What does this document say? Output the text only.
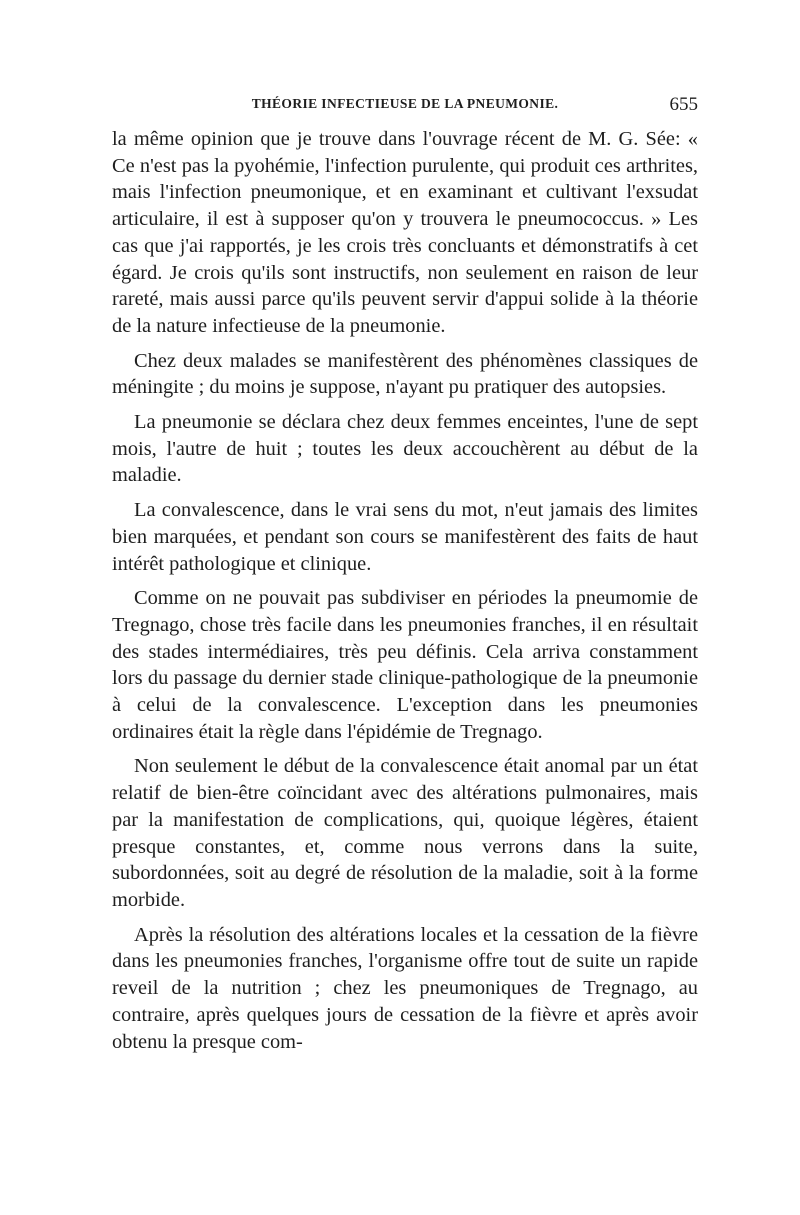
THÉORIE INFECTIEUSE DE LA PNEUMONIE.	655

la même opinion que je trouve dans l'ouvrage récent de M. G. Sée: « Ce n'est pas la pyohémie, l'infection purulente, qui produit ces arthrites, mais l'infection pneumonique, et en examinant et cultivant l'exsudat articulaire, il est à supposer qu'on y trouvera le pneumococcus. » Les cas que j'ai rapportés, je les crois très concluants et démonstratifs à cet égard. Je crois qu'ils sont instructifs, non seulement en raison de leur rareté, mais aussi parce qu'ils peuvent servir d'appui solide à la théorie de la nature infectieuse de la pneumonie.

Chez deux malades se manifestèrent des phénomènes classiques de méningite ; du moins je suppose, n'ayant pu pratiquer des autopsies.

La pneumonie se déclara chez deux femmes enceintes, l'une de sept mois, l'autre de huit ; toutes les deux accouchèrent au début de la maladie.

La convalescence, dans le vrai sens du mot, n'eut jamais des limites bien marquées, et pendant son cours se manifestèrent des faits de haut intérêt pathologique et clinique.

Comme on ne pouvait pas subdiviser en périodes la pneumomie de Tregnago, chose très facile dans les pneumonies franches, il en résultait des stades intermédiaires, très peu définis. Cela arriva constamment lors du passage du dernier stade clinique-pathologique de la pneumonie à celui de la convalescence. L'exception dans les pneumonies ordinaires était la règle dans l'épidémie de Tregnago.

Non seulement le début de la convalescence était anomal par un état relatif de bien-être coïncidant avec des altérations pulmonaires, mais par la manifestation de complications, qui, quoique légères, étaient presque constantes, et, comme nous verrons dans la suite, subordonnées, soit au degré de résolution de la maladie, soit à la forme morbide.

Après la résolution des altérations locales et la cessation de la fièvre dans les pneumonies franches, l'organisme offre tout de suite un rapide reveil de la nutrition ; chez les pneumoniques de Tregnago, au contraire, après quelques jours de cessation de la fièvre et après avoir obtenu la presque com-
